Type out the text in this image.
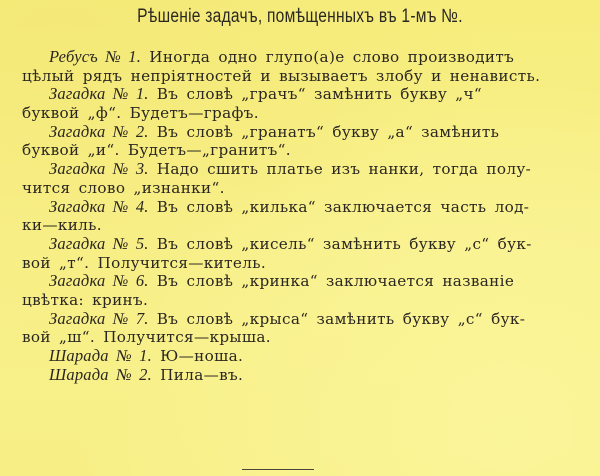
Рѣшеніе задачъ, помѣщенныхъ въ 1-мъ №.
Ребусъ № 1. Иногда одно глупо(а)е слово производитъ
цѣлый рядъ непріятностей и вызываетъ злобу и ненависть.
Загадка № 1. Въ словѣ „грачъ“ замѣнить букву „ч“
буквой „ф“. Будетъ—графъ.
Загадка № 2. Въ словѣ „гранатъ“ букву „а“ замѣнить
буквой „и“. Будетъ—„гранитъ“.
Загадка № 3. Надо сшить платье изъ нанки, тогда полу-
чится слово „изнанки“.
Загадка № 4. Въ словѣ „килька“ заключается часть лод-
ки—киль.
Загадка № 5. Въ словѣ „кисель“ замѣнить букву „с“ бук-
вой „т“. Получится—китель.
Загадка № 6. Въ словѣ „кринка“ заключается названіе
цвѣтка: кринъ.
Загадка № 7. Въ словѣ „крыса“ замѣнить букву „с“ бук-
вой „ш“. Получится—крыша.
Шарада № 1. Ю—ноша.
Шарада № 2. Пила—въ.
